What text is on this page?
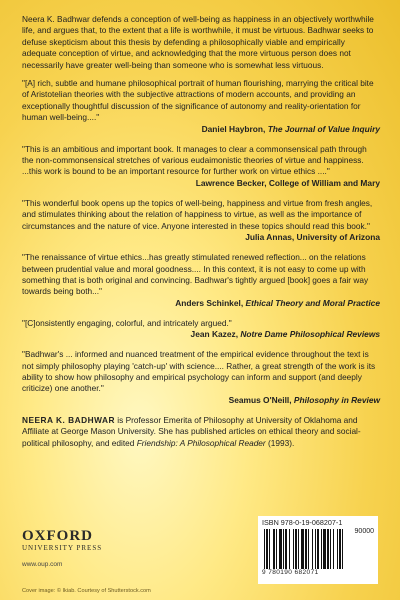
Neera K. Badhwar defends a conception of well-being as happiness in an objectively worthwhile life, and argues that, to the extent that a life is worthwhile, it must be virtuous. Badhwar seeks to defuse skepticism about this thesis by defending a philosophically viable and empirically adequate conception of virtue, and acknowledging that the more virtuous person does not necessarily have greater well-being than someone who is somewhat less virtuous.

"[A] rich, subtle and humane philosophical portrait of human flourishing, marrying the critical bite of Aristotelian theories with the subjective attractions of modern accounts, and providing an exceptionally thoughtful discussion of the significance of autonomy and reality-orientation for human well-being...."

Daniel Haybron, The Journal of Value Inquiry

"This is an ambitious and important book. It manages to clear a commonsensical path through the non-commonsensical stretches of various eudaimonistic theories of virtue and happiness. ...this work is bound to be an important resource for further work on virtue ethics ...."

Lawrence Becker, College of William and Mary

"This wonderful book opens up the topics of well-being, happiness and virtue from fresh angles, and stimulates thinking about the relation of happiness to virtue, as well as the importance of circumstances and the nature of vice. Anyone interested in these topics should read this book."

Julia Annas, University of Arizona

"The renaissance of virtue ethics...has greatly stimulated renewed reflection... on the relations between prudential value and moral goodness.... In this context, it is not easy to come up with something that is both original and convincing. Badhwar's tightly argued [book] goes a fair way towards being both..."

Anders Schinkel, Ethical Theory and Moral Practice

"[C]onsistently engaging, colorful, and intricately argued."

Jean Kazez, Notre Dame Philosophical Reviews

"Badhwar's ... informed and nuanced treatment of the empirical evidence throughout the text is not simply philosophy playing 'catch-up' with science.... Rather, a great strength of the work is its ability to show how philosophy and empirical psychology can inform and support (and deeply criticize) one another."

Seamus O'Neill, Philosophy in Review

NEERA K. BADHWAR is Professor Emerita of Philosophy at University of Oklahoma and Affiliate at George Mason University. She has published articles on ethical theory and social-political philosophy, and edited Friendship: A Philosophical Reader (1993).

OXFORD
UNIVERSITY PRESS
www.oup.com
ISBN 978-0-19-068207-1
90000
9 780190 682071
Cover image: © Ikiab. Courtesy of Shutterstock.com
